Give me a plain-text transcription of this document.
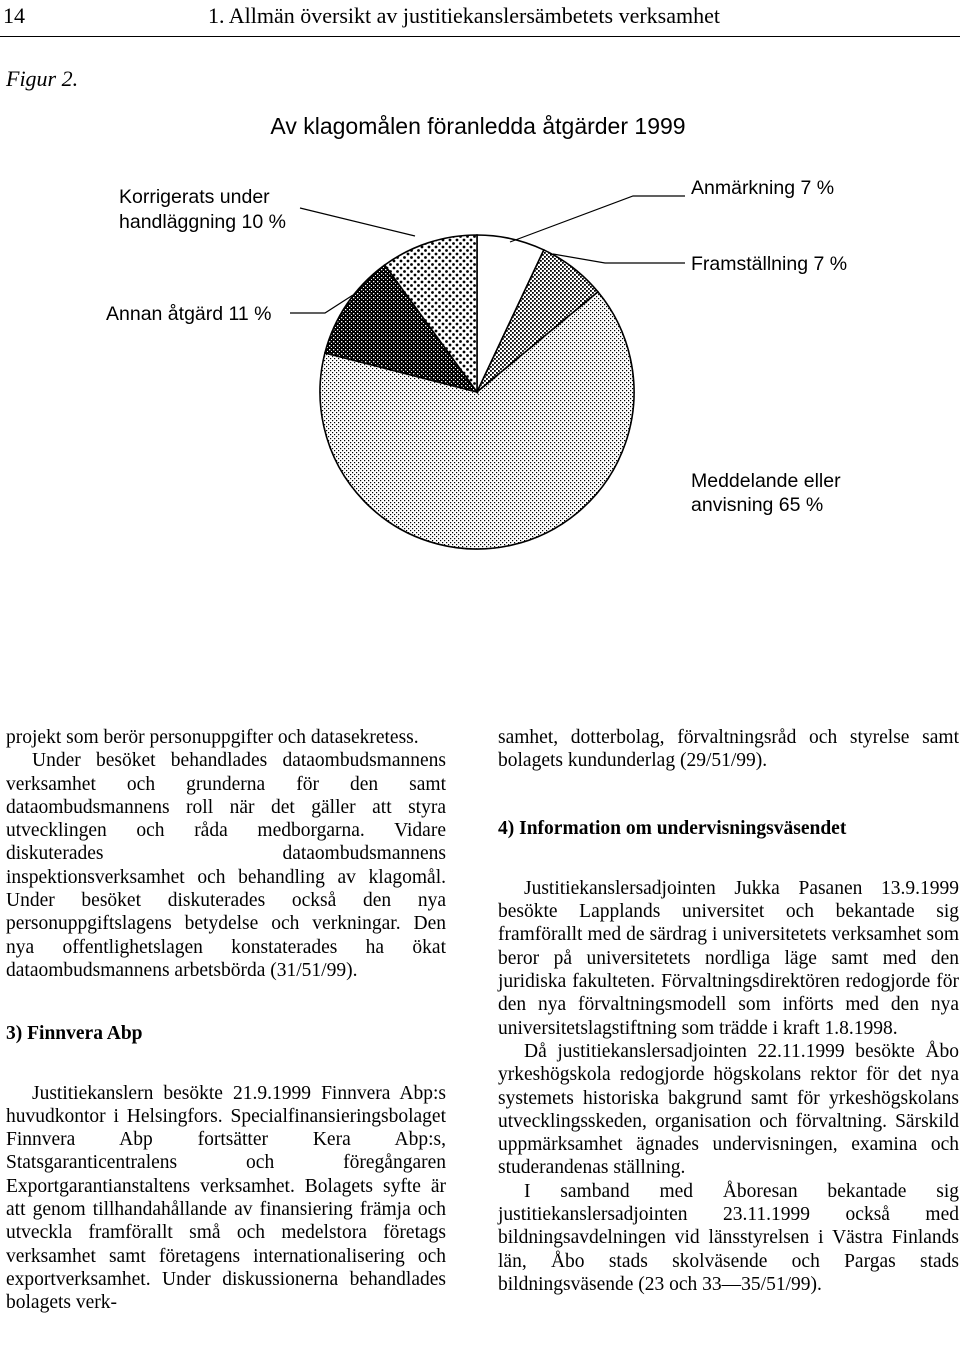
14	1. Allmän översikt av justitiekanslersämbetets verksamhet
Figur 2.
Av klagomålen föranledda åtgärder 1999
Anmärkning 7 %
Framställning 7 %
Meddelande eller
anvisning 65 %
Annan åtgärd 11 %
Korrigerats under
handläggning 10 %

projekt som berör personuppgifter och datasekretess.

Under besöket behandlades dataombudsmannens verksamhet och grunderna för den samt dataombudsmannens roll när det gäller att styra utvecklingen och råda medborgarna. Vidare diskuterades dataombudsmannens inspektionsverksamhet och behandling av klagomål. Under besöket diskuterades också den nya personuppgiftslagens betydelse och verkningar. Den nya offentlighetslagen konstaterades ha ökat dataombudsmannens arbetsbörda (31/51/99).

3) Finnvera Abp

Justitiekanslern besökte 21.9.1999 Finnvera Abp:s huvudkontor i Helsingfors. Specialfinansieringsbolaget Finnvera Abp fortsätter Kera Abp:s, Statsgaranticentralens och föregångaren Exportgarantianstaltens verksamhet. Bolagets syfte är att genom tillhandahållande av finansiering främja och utveckla framförallt små och medelstora företags verksamhet samt företagens internationalisering och exportverksamhet. Under diskussionerna behandlades bolagets verk-

samhet, dotterbolag, förvaltningsråd och styrelse samt bolagets kundunderlag (29/51/99).

4) Information om undervisningsväsendet

Justitiekanslersadjointen Jukka Pasanen 13.9.1999 besökte Lapplands universitet och bekantade sig framförallt med de särdrag i universitetets verksamhet som beror på universitetets nordliga läge samt med den juridiska fakulteten. Förvaltningsdirektören redogjorde för den nya förvaltningsmodell som införts med den nya universitetslagstiftning som trädde i kraft 1.8.1998.

Då justitiekanslersadjointen 22.11.1999 besökte Åbo yrkeshögskola redogjorde högskolans rektor för det nya systemets historiska bakgrund samt för yrkeshögskolans utvecklingsskeden, organisation och förvaltning. Särskild uppmärksamhet ägnades undervisningen, examina och studerandenas ställning.

I samband med Åboresan bekantade sig justitiekanslersadjointen 23.11.1999 också med bildningsavdelningen vid länsstyrelsen i Västra Finlands län, Åbo stads skolväsende och Pargas stads bildningsväsende (23 och 33—35/51/99).
